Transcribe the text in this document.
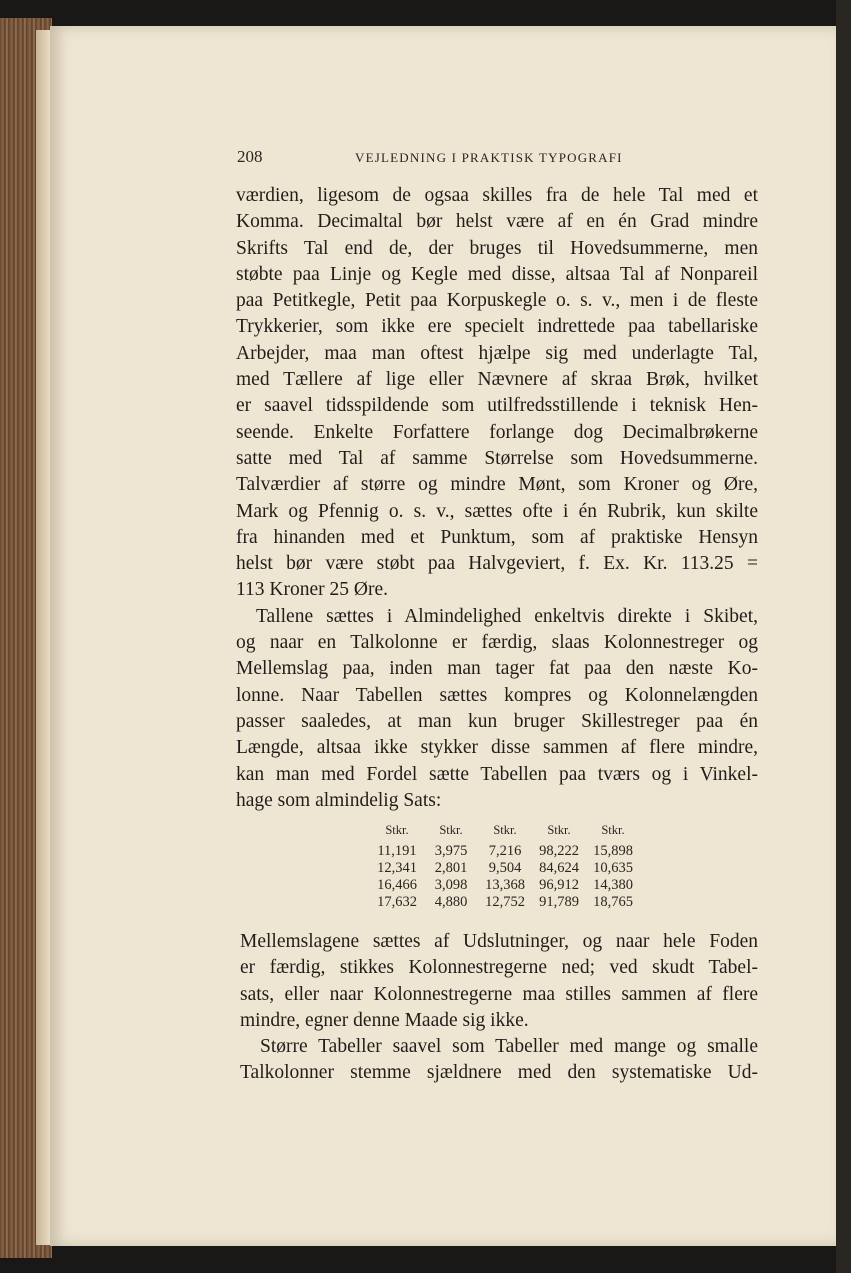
208	VEJLEDNING I PRAKTISK TYPOGRAFI
værdien, ligesom de ogsaa skilles fra de hele Tal med et
Komma. Decimaltal bør helst være af en én Grad mindre
Skrifts Tal end de, der bruges til Hovedsummerne, men
støbte paa Linje og Kegle med disse, altsaa Tal af Nonpareil
paa Petitkegle, Petit paa Korpuskegle o. s. v., men i de fleste
Trykkerier, som ikke ere specielt indrettede paa tabellariske
Arbejder, maa man oftest hjælpe sig med underlagte Tal,
med Tællere af lige eller Nævnere af skraa Brøk, hvilket
er saavel tidsspildende som utilfredsstillende i teknisk Hen-
seende. Enkelte Forfattere forlange dog Decimalbrøkerne
satte med Tal af samme Størrelse som Hovedsummerne.
Talværdier af større og mindre Mønt, som Kroner og Øre,
Mark og Pfennig o. s. v., sættes ofte i én Rubrik, kun skilte
fra hinanden med et Punktum, som af praktiske Hensyn
helst bør være støbt paa Halvgeviert, f. Ex. Kr. 113.25 =
113 Kroner 25 Øre.
Tallene sættes i Almindelighed enkeltvis direkte i Skibet,
og naar en Talkolonne er færdig, slaas Kolonnestreger og
Mellemslag paa, inden man tager fat paa den næste Ko-
lonne. Naar Tabellen sættes kompres og Kolonnelængden
passer saaledes, at man kun bruger Skillestreger paa én
Længde, altsaa ikke stykker disse sammen af flere mindre,
kan man med Fordel sætte Tabellen paa tværs og i Vinkel-
hage som almindelig Sats:
Stkr.	Stkr.	Stkr.	Stkr.	Stkr.
11,191	3,975	7,216	98,222 15,898
12,341	2,801	9,504	84,624 10,635
16,466	3,098	13,368 96,912 14,380
17,632	4,880	12,752 91,789 18,765
Mellemslagene sættes af Udslutninger, og naar hele Foden
er færdig, stikkes Kolonnestregerne ned; ved skudt Tabel-
sats, eller naar Kolonnestregerne maa stilles sammen af flere
mindre, egner denne Maade sig ikke.
Større Tabeller saavel som Tabeller med mange og smalle
Talkolonner stemme sjældnere med den systematiske Ud-
